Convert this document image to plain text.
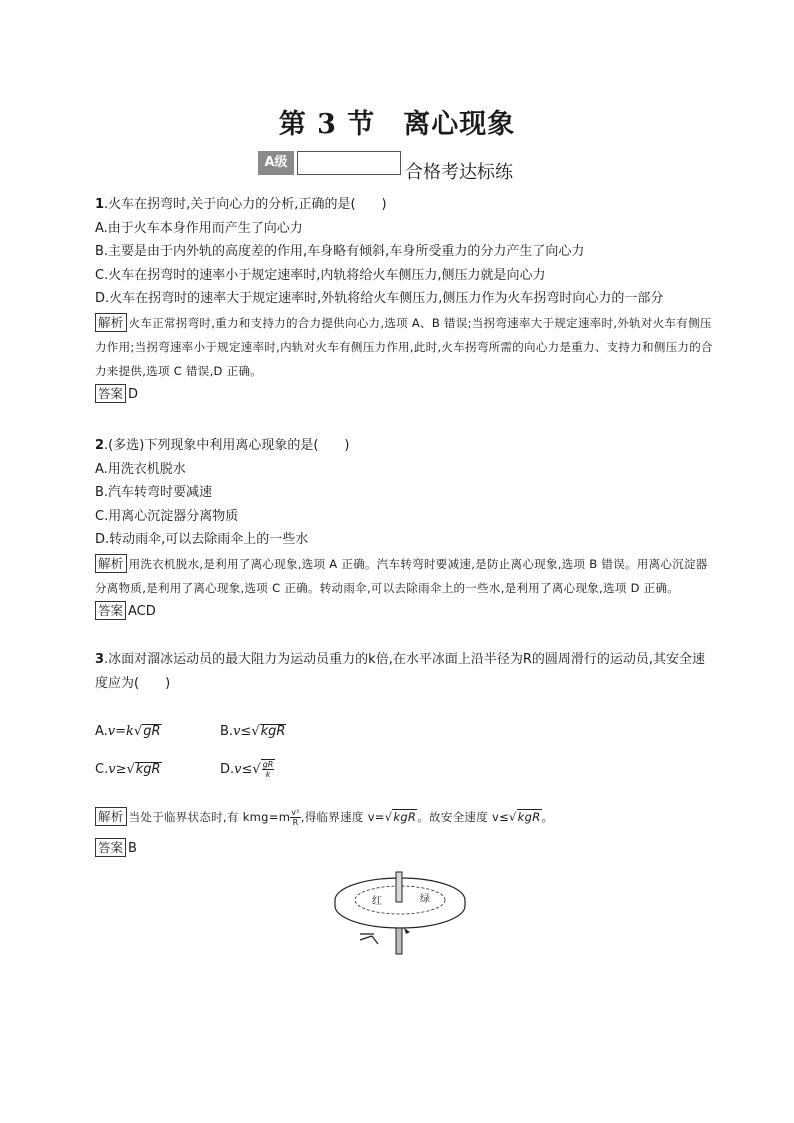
第 3 节　离心现象
A级	合格考达标练

1.火车在拐弯时,关于向心力的分析,正确的是(　　)

A.由于火车本身作用而产生了向心力

B.主要是由于内外轨的高度差的作用,车身略有倾斜,车身所受重力的分力产生了向心力

C.火车在拐弯时的速率小于规定速率时,内轨将给火车侧压力,侧压力就是向心力

D.火车在拐弯时的速率大于规定速率时,外轨将给火车侧压力,侧压力作为火车拐弯时向心力的一部分

解析 火车正常拐弯时,重力和支持力的合力提供向心力,选项 A、B 错误;当拐弯速率大于规定速率时,外轨对火车有侧压力作用;当拐弯速率小于规定速率时,内轨对火车有侧压力作用,此时,火车拐弯所需的向心力是重力、支持力和侧压力的合力来提供,选项 C 错误,D 正确。

答案 D

2.(多选)下列现象中利用离心现象的是(　　)

A.用洗衣机脱水

B.汽车转弯时要减速

C.用离心沉淀器分离物质

D.转动雨伞,可以去除雨伞上的一些水

解析 用洗衣机脱水,是利用了离心现象,选项 A 正确。汽车转弯时要减速,是防止离心现象,选项 B 错误。用离心沉淀器分离物质,是利用了离心现象,选项 C 正确。转动雨伞,可以去除雨伞上的一些水,是利用了离心现象,选项 D 正确。

答案 ACD

3.冰面对溜冰运动员的最大阻力为运动员重力的k倍,在水平冰面上沿半径为R的圆周滑行的运动员,其安全速度应为(　　)

A.v=k√gR	B.v≤√kgR
C.v≥√kgR	$D.v\le√ \frac{gR}{k}$

解析 当处于临界状态时,有 $kmg=m \frac{\text{v²}}{R}$ ,得临界速度 v=√kgR。故安全速度 v≤√kgR。

答案 B

红	绿
